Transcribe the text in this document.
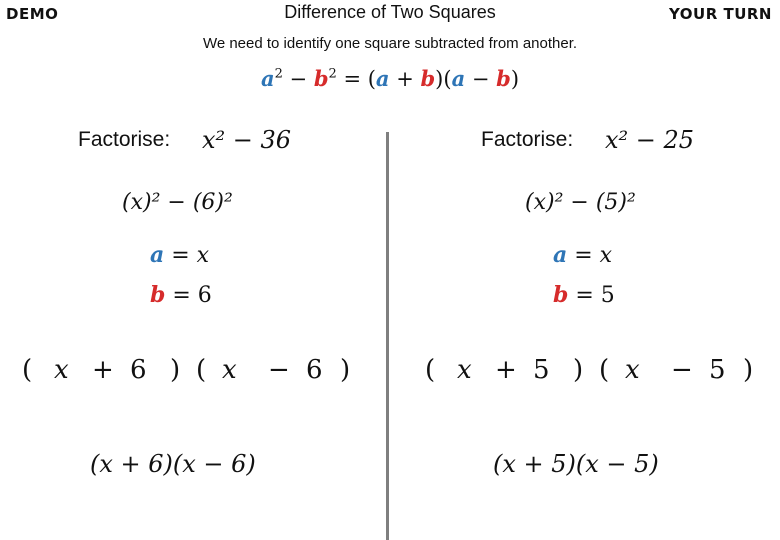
DEMO	YOUR TURN
Difference of Two Squares
We need to identify one square subtracted from another.
$a^2 - b^2 = (a + b)(a - b)$
Factorise: x² − 36
(x)² − (6)²
a = x
b = 6
( x + 6 ) ( x − 6 )
(x + 6)(x − 6)
Factorise: x² − 25
(x)² − (5)²
a = x
b = 5
( x + 5 ) ( x − 5 )
(x + 5)(x − 5)
